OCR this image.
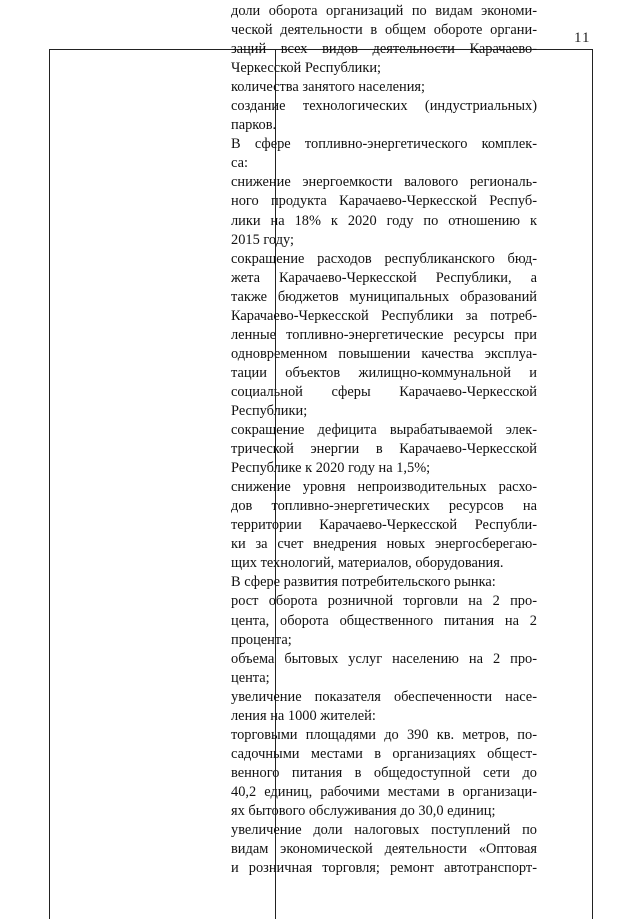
11
доли оборота организаций по видам экономи-
ческой деятельности в общем обороте органи-
заций всех видов деятельности Карачаево-
Черкесской Республики;
количества занятого населения;
создание технологических (индустриальных)
парков.
В сфере топливно-энергетического комплек-
са:
снижение энергоемкости валового региональ-
ного продукта Карачаево-Черкесской Респуб-
лики на 18% к 2020 году по отношению к
2015 году;
сокращение расходов республиканского бюд-
жета Карачаево-Черкесской Республики, а
также бюджетов муниципальных образований
Карачаево-Черкесской Республики за потреб-
ленные топливно-энергетические ресурсы при
одновременном повышении качества эксплуа-
тации объектов жилищно-коммунальной и
социальной сферы Карачаево-Черкесской
Республики;
сокращение дефицита вырабатываемой элек-
трической энергии в Карачаево-Черкесской
Республике к 2020 году на 1,5%;
снижение уровня непроизводительных расхо-
дов топливно-энергетических ресурсов на
территории Карачаево-Черкесской Республи-
ки за счет внедрения новых энергосберегаю-
щих технологий, материалов, оборудования.
В сфере развития потребительского рынка:
рост оборота розничной торговли на 2 про-
цента, оборота общественного питания на 2
процента;
объема бытовых услуг населению на 2 про-
цента;
увеличение показателя обеспеченности насе-
ления на 1000 жителей:
торговыми площадями до 390 кв. метров, по-
садочными местами в организациях общест-
венного питания в общедоступной сети до
40,2 единиц, рабочими местами в организаци-
ях бытового обслуживания до 30,0 единиц;
увеличение доли налоговых поступлений по
видам экономической деятельности «Оптовая
и розничная торговля; ремонт автотранспорт-
